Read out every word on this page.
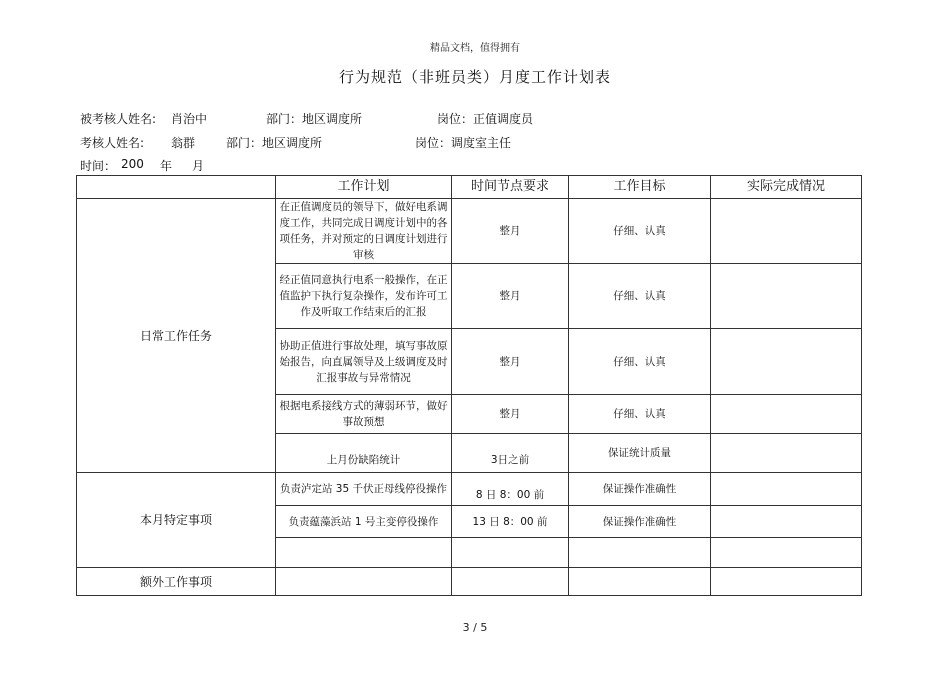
精品文档，值得拥有
行为规范（非班员类）月度工作计划表
被考核人姓名: 肖治中	部门：地区调度所	岗位：正值调度员
考核人姓名: 翁群	部门：地区调度所	岗位：调度室主任
时间： 200 年 月
	工作计划	时间节点要求	工作目标	实际完成情况
日常工作任务	在正值调度员的领导下，做好电系调度工作，共同完成日调度计划中的各项任务，并对预定的日调度计划进行审核	整月	仔细、认真	
	经正值同意执行电系一般操作，在正值监护下执行复杂操作，发布许可工作及听取工作结束后的汇报	整月	仔细、认真	
	协助正值进行事故处理，填写事故原始报告，向直属领导及上级调度及时汇报事故与异常情况	整月	仔细、认真	
	根据电系接线方式的薄弱环节，做好事故预想	整月	仔细、认真	
	上月份缺陷统计	3日之前	保证统计质量	
本月特定事项	负责泸定站 35 千伏正母线停役操作	8 日 8：00 前	保证操作准确性	
	负责蕴藻浜站 1 号主变停役操作	13 日 8：00 前	保证操作准确性	

额外工作事项				
3 / 5
